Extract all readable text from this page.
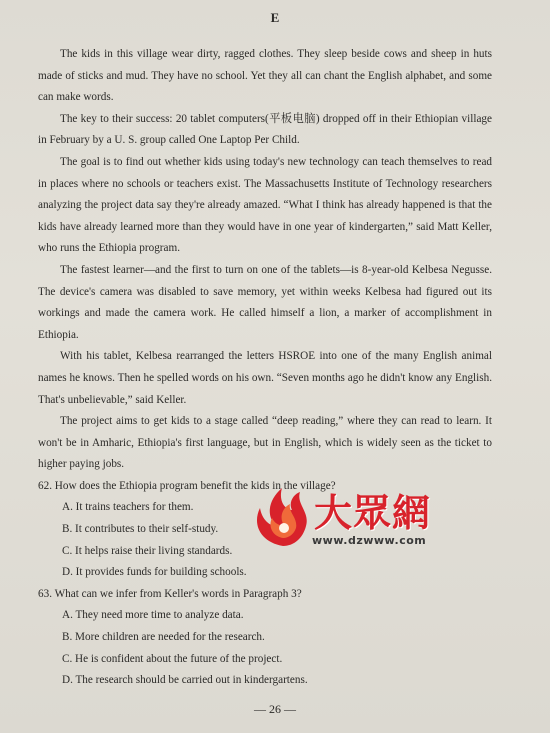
E

The kids in this village wear dirty, ragged clothes. They sleep beside cows and sheep in huts made of sticks and mud. They have no school. Yet they all can chant the English alphabet, and some can make words.

The key to their success: 20 tablet computers(平板电脑) dropped off in their Ethiopian village in February by a U. S. group called One Laptop Per Child.

The goal is to find out whether kids using today's new technology can teach themselves to read in places where no schools or teachers exist. The Massachusetts Institute of Technology researchers analyzing the project data say they're already amazed. “What I think has already happened is that the kids have already learned more than they would have in one year of kindergarten,” said Matt Keller, who runs the Ethiopia program.

The fastest learner—and the first to turn on one of the tablets—is 8-year-old Kelbesa Negusse. The device's camera was disabled to save memory, yet within weeks Kelbesa had figured out its workings and made the camera work. He called himself a lion, a marker of accomplishment in Ethiopia.

With his tablet, Kelbesa rearranged the letters HSROE into one of the many English animal names he knows. Then he spelled words on his own. “Seven months ago he didn't know any English. That's unbelievable,” said Keller.

The project aims to get kids to a stage called “deep reading,” where they can read to learn. It won't be in Amharic, Ethiopia's first language, but in English, which is widely seen as the ticket to higher paying jobs.

62. How does the Ethiopia program benefit the kids in the village?

A. It trains teachers for them.

B. It contributes to their self-study.

C. It helps raise their living standards.

D. It provides funds for building schools.

63. What can we infer from Keller's words in Paragraph 3?

A. They need more time to analyze data.

B. More children are needed for the research.

C. He is confident about the future of the project.

D. The research should be carried out in kindergartens.

大眾網
www.dzwww.com
— 26 —
